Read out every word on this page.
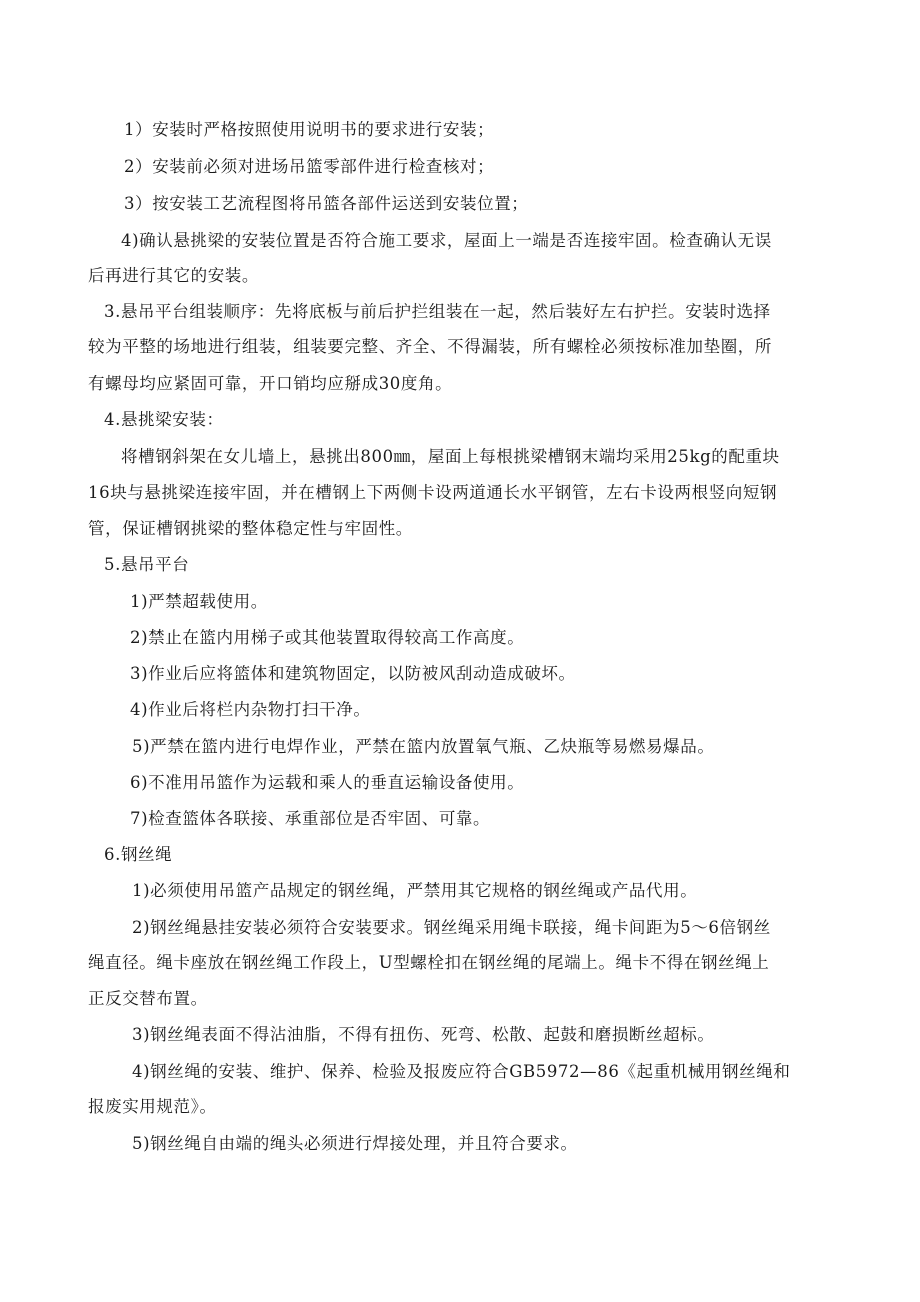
1）安装时严格按照使用说明书的要求进行安装；
2）安装前必须对进场吊篮零部件进行检查核对；
3）按安装工艺流程图将吊篮各部件运送到安装位置；
4)确认悬挑梁的安装位置是否符合施工要求，屋面上一端是否连接牢固。检查确认无误
后再进行其它的安装。
3.悬吊平台组装顺序：先将底板与前后护拦组装在一起，然后装好左右护拦。安装时选择
较为平整的场地进行组装，组装要完整、齐全、不得漏装，所有螺栓必须按标准加垫圈，所
有螺母均应紧固可靠，开口销均应掰成30度角。
4.悬挑梁安装：
将槽钢斜架在女儿墙上，悬挑出800㎜，屋面上每根挑梁槽钢末端均采用25kg的配重块
16块与悬挑梁连接牢固，并在槽钢上下两侧卡设两道通长水平钢管，左右卡设两根竖向短钢
管，保证槽钢挑梁的整体稳定性与牢固性。
5.悬吊平台
1)严禁超载使用。
2)禁止在篮内用梯子或其他装置取得较高工作高度。
3)作业后应将篮体和建筑物固定，以防被风刮动造成破坏。
4)作业后将栏内杂物打扫干净。
5)严禁在篮内进行电焊作业，严禁在篮内放置氧气瓶、乙炔瓶等易燃易爆品。
6)不准用吊篮作为运载和乘人的垂直运输设备使用。
7)检查篮体各联接、承重部位是否牢固、可靠。
6.钢丝绳
1)必须使用吊篮产品规定的钢丝绳，严禁用其它规格的钢丝绳或产品代用。
2)钢丝绳悬挂安装必须符合安装要求。钢丝绳采用绳卡联接，绳卡间距为5～6倍钢丝
绳直径。绳卡座放在钢丝绳工作段上，U型螺栓扣在钢丝绳的尾端上。绳卡不得在钢丝绳上
正反交替布置。
3)钢丝绳表面不得沾油脂，不得有扭伤、死弯、松散、起鼓和磨损断丝超标。
4)钢丝绳的安装、维护、保养、检验及报废应符合GB5972—86《起重机械用钢丝绳和
报废实用规范》。
5)钢丝绳自由端的绳头必须进行焊接处理，并且符合要求。
